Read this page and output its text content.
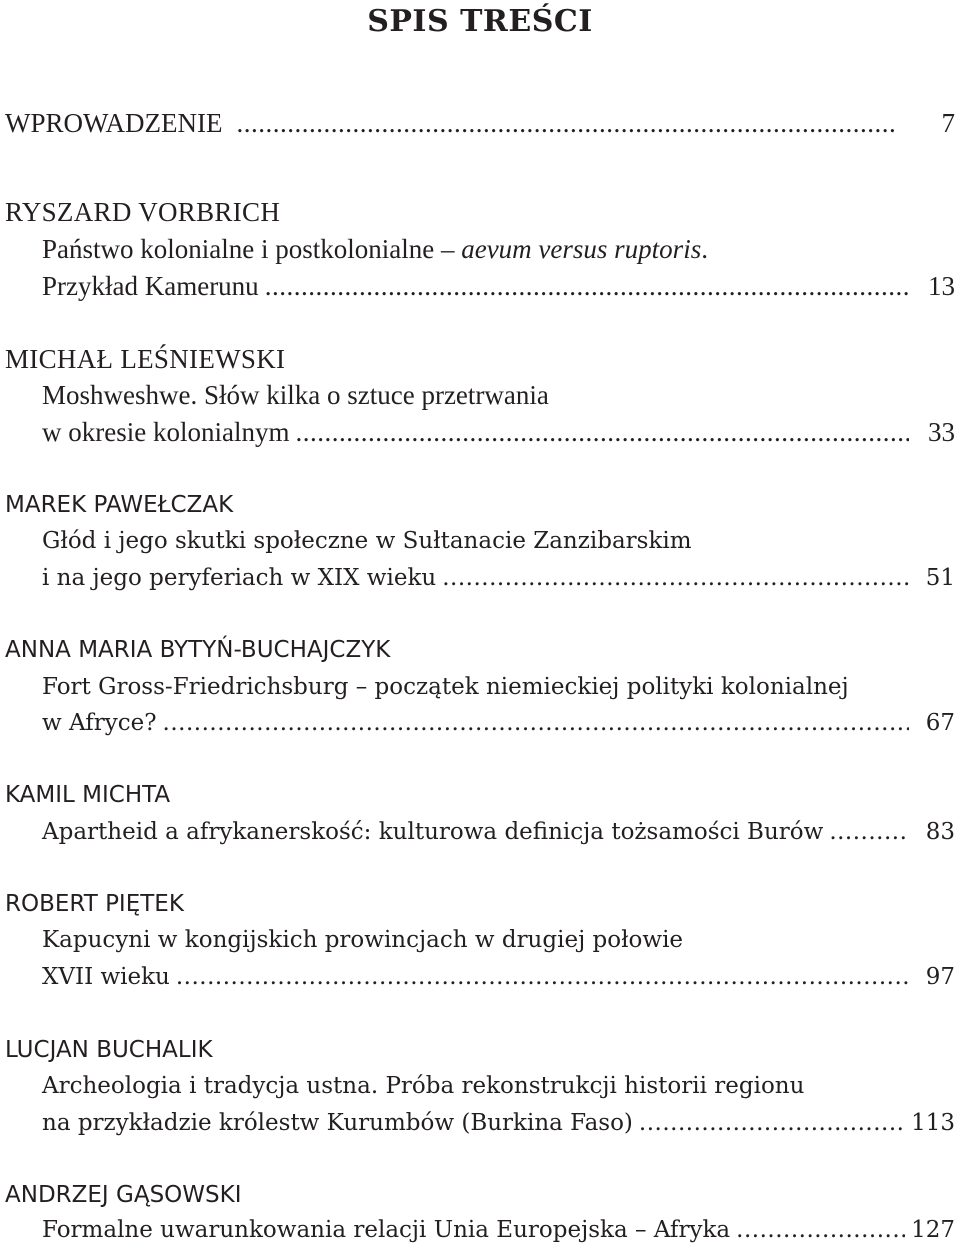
SPIS TREŚCI
WPROWADZENIE .....	7
RYSZARD VORBRICH
Państwo kolonialne i postkolonialne – aevum versus ruptoris.
Przykład Kamerunu .....	13
MICHAŁ LEŚNIEWSKI
Moshweshwe. Słów kilka o sztuce przetrwania
w okresie kolonialnym .....	33
MAREK PAWEŁCZAK
Głód i jego skutki społeczne w Sułtanacie Zanzibarskim
i na jego peryferiach w XIX wieku .....	51
ANNA MARIA BYTYŃ-BUCHAJCZYK
Fort Gross-Friedrichsburg – początek niemieckiej polityki kolonialnej
w Afryce? .....	67
KAMIL MICHTA
Apartheid a afrykanerskość: kulturowa definicja tożsamości Burów .....	83
ROBERT PIĘTEK
Kapucyni w kongijskich prowincjach w drugiej połowie
XVII wieku .....	97
LUCJAN BUCHALIK
Archeologia i tradycja ustna. Próba rekonstrukcji historii regionu
na przykładzie królestw Kurumbów (Burkina Faso) .....	113
ANDRZEJ GĄSOWSKI
Formalne uwarunkowania relacji Unia Europejska – Afryka .....	127
